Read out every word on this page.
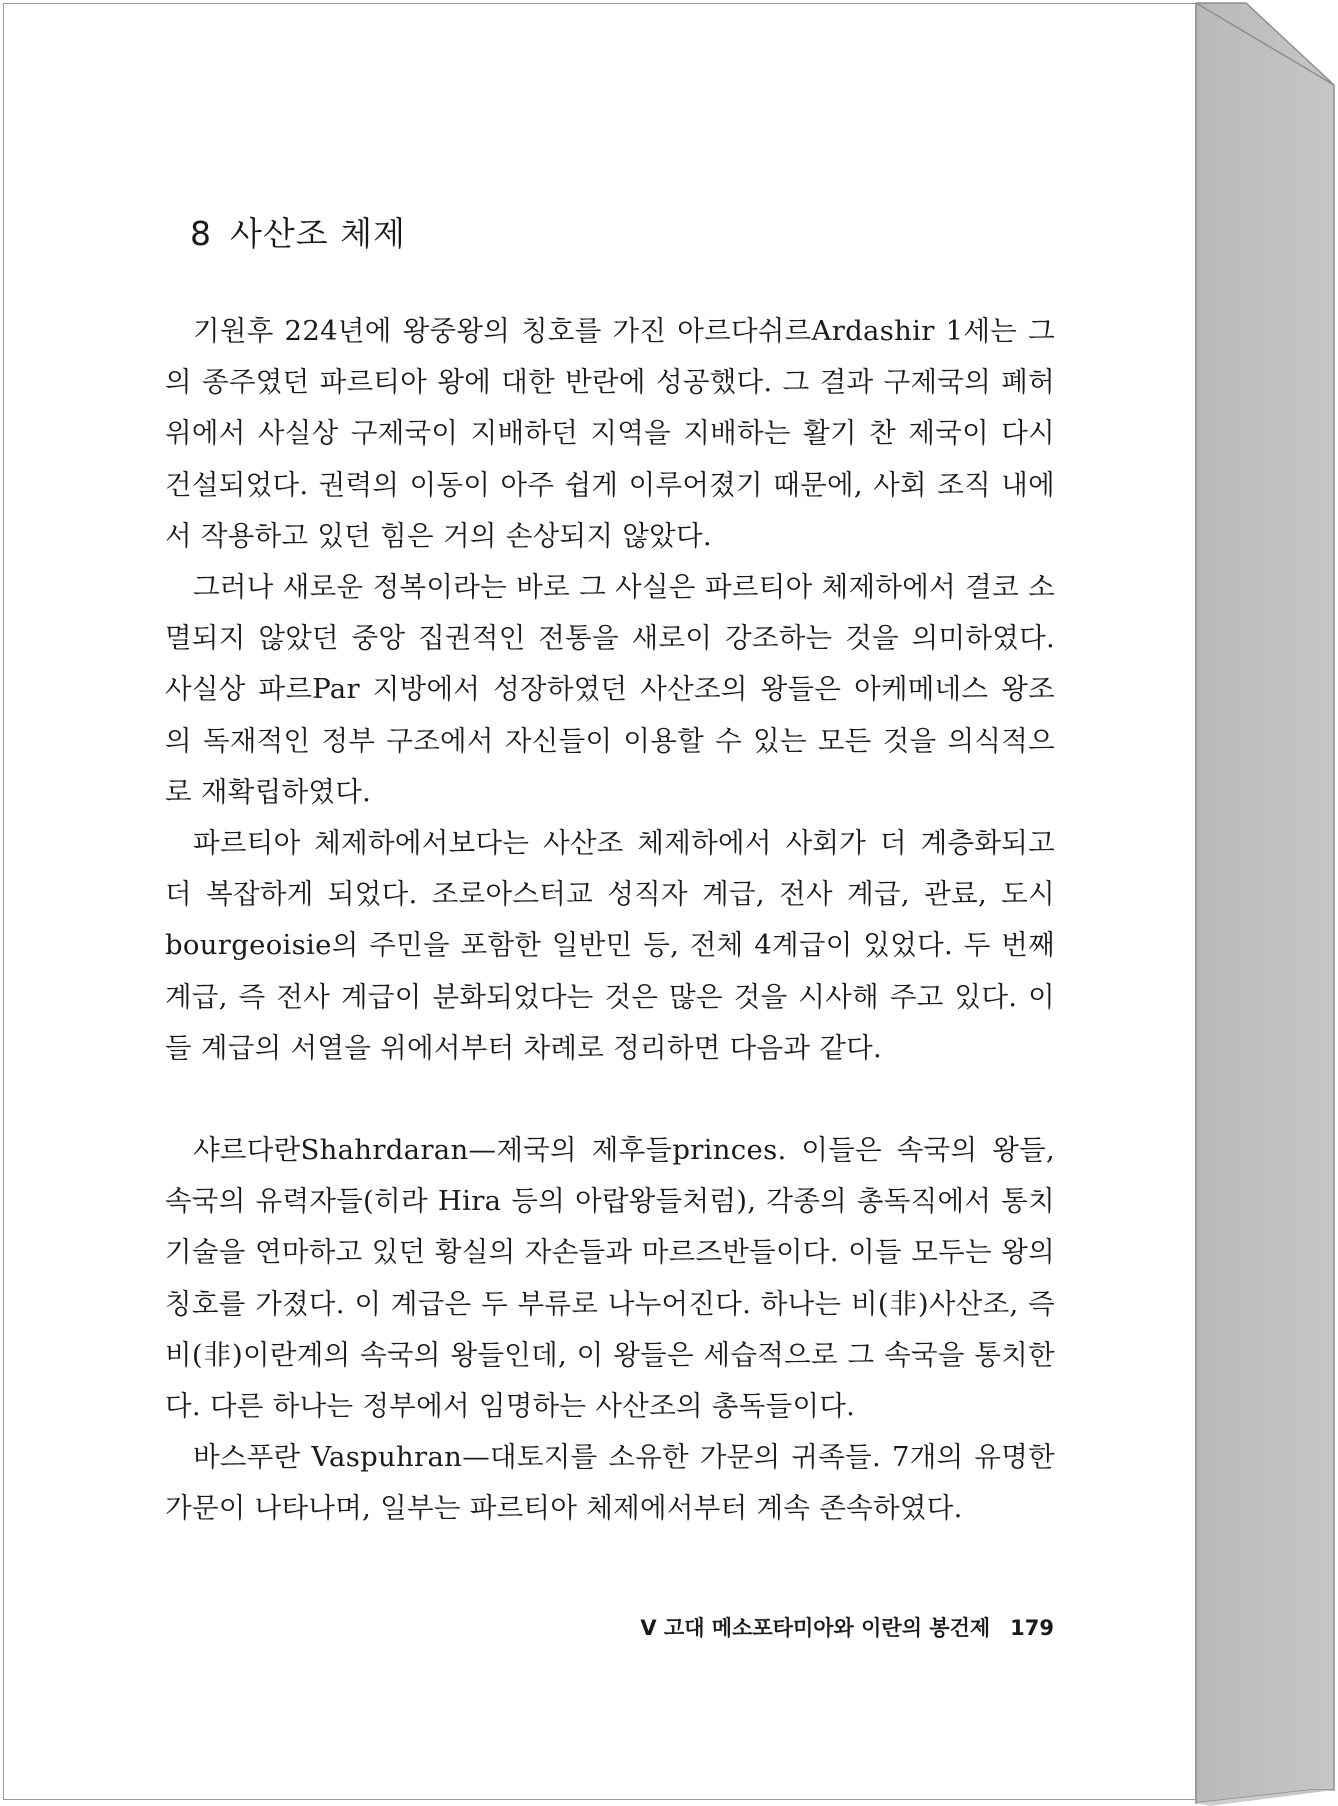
8 사산조 체제

기원후 224년에 왕중왕의 칭호를 가진 아르다쉬르Ardashir 1세는 그의 종주였던 파르티아 왕에 대한 반란에 성공했다. 그 결과 구제국의 폐허 위에서 사실상 구제국이 지배하던 지역을 지배하는 활기 찬 제국이 다시 건설되었다. 권력의 이동이 아주 쉽게 이루어졌기 때문에, 사회 조직 내에서 작용하고 있던 힘은 거의 손상되지 않았다.

그러나 새로운 정복이라는 바로 그 사실은 파르티아 체제하에서 결코 소멸되지 않았던 중앙 집권적인 전통을 새로이 강조하는 것을 의미하였다. 사실상 파르Par 지방에서 성장하였던 사산조의 왕들은 아케메네스 왕조의 독재적인 정부 구조에서 자신들이 이용할 수 있는 모든 것을 의식적으로 재확립하였다.

파르티아 체제하에서보다는 사산조 체제하에서 사회가 더 계층화되고 더 복잡하게 되었다. 조로아스터교 성직자 계급, 전사 계급, 관료, 도시 bourgeoisie의 주민을 포함한 일반민 등, 전체 4계급이 있었다. 두 번째 계급, 즉 전사 계급이 분화되었다는 것은 많은 것을 시사해 주고 있다. 이들 계급의 서열을 위에서부터 차례로 정리하면 다음과 같다.

샤르다란Shahrdaran—제국의 제후들princes. 이들은 속국의 왕들, 속국의 유력자들(히라 Hira 등의 아랍왕들처럼), 각종의 총독직에서 통치 기술을 연마하고 있던 황실의 자손들과 마르즈반들이다. 이들 모두는 왕의 칭호를 가졌다. 이 계급은 두 부류로 나누어진다. 하나는 비(非)사산조, 즉 비(非)이란계의 속국의 왕들인데, 이 왕들은 세습적으로 그 속국을 통치한다. 다른 하나는 정부에서 임명하는 사산조의 총독들이다.

바스푸란 Vaspuhran—대토지를 소유한 가문의 귀족들. 7개의 유명한 가문이 나타나며, 일부는 파르티아 체제에서부터 계속 존속하였다.

V 고대 메소포타미아와 이란의 봉건제 179
